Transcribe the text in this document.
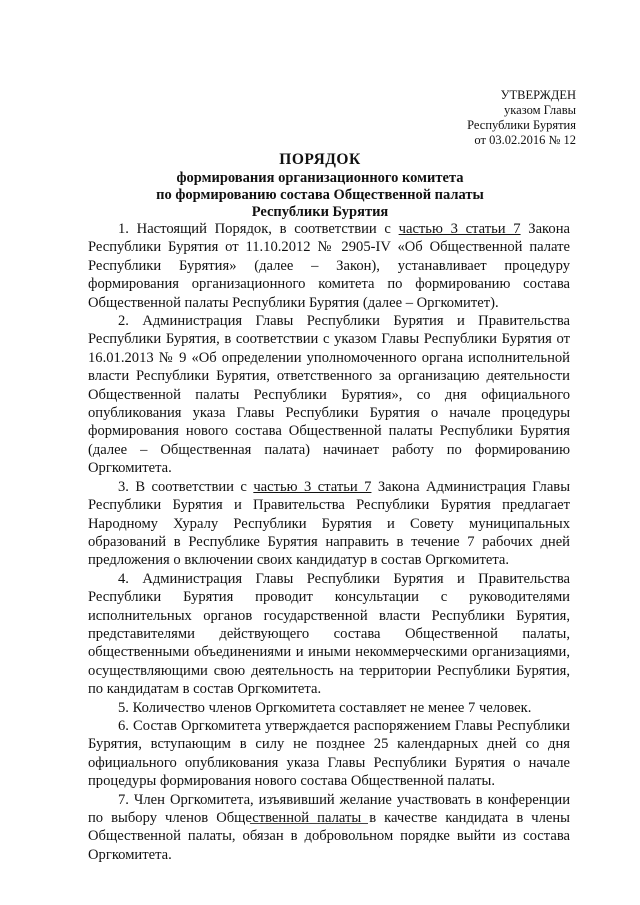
УТВЕРЖДЕН
указом Главы
Республики Бурятия
от 03.02.2016 № 12
ПОРЯДОК
формирования организационного комитета
по формированию состава Общественной палаты
Республики Бурятия

1. Настоящий Порядок, в соответствии с частью 3 статьи 7 Закона Республики Бурятия от 11.10.2012 № 2905-IV «Об Общественной палате Республики Бурятия» (далее – Закон), устанавливает процедуру формирования организационного комитета по формированию состава Общественной палаты Республики Бурятия (далее – Оргкомитет).

2. Администрация Главы Республики Бурятия и Правительства Республики Бурятия, в соответствии с указом Главы Республики Бурятия от 16.01.2013 № 9 «Об определении уполномоченного органа исполнительной власти Республики Бурятия, ответственного за организацию деятельности Общественной палаты Республики Бурятия», со дня официального опубликования указа Главы Республики Бурятия о начале процедуры формирования нового состава Общественной палаты Республики Бурятия (далее – Общественная палата) начинает работу по формированию Оргкомитета.

3. В соответствии с частью 3 статьи 7 Закона Администрация Главы Республики Бурятия и Правительства Республики Бурятия предлагает Народному Хуралу Республики Бурятия и Совету муниципальных образований в Республике Бурятия направить в течение 7 рабочих дней предложения о включении своих кандидатур в состав Оргкомитета.

4. Администрация Главы Республики Бурятия и Правительства Республики Бурятия проводит консультации с руководителями исполнительных органов государственной власти Республики Бурятия, представителями действующего состава Общественной палаты, общественными объединениями и иными некоммерческими организациями, осуществляющими свою деятельность на территории Республики Бурятия, по кандидатам в состав Оргкомитета.

5. Количество членов Оргкомитета составляет не менее 7 человек.

6. Состав Оргкомитета утверждается распоряжением Главы Республики Бурятия, вступающим в силу не позднее 25 календарных дней со дня официального опубликования указа Главы Республики Бурятия о начале процедуры формирования нового состава Общественной палаты.

7. Член Оргкомитета, изъявивший желание участвовать в конференции по выбору членов Общественной палаты в качестве кандидата в члены Общественной палаты, обязан в добровольном порядке выйти из состава Оргкомитета.
